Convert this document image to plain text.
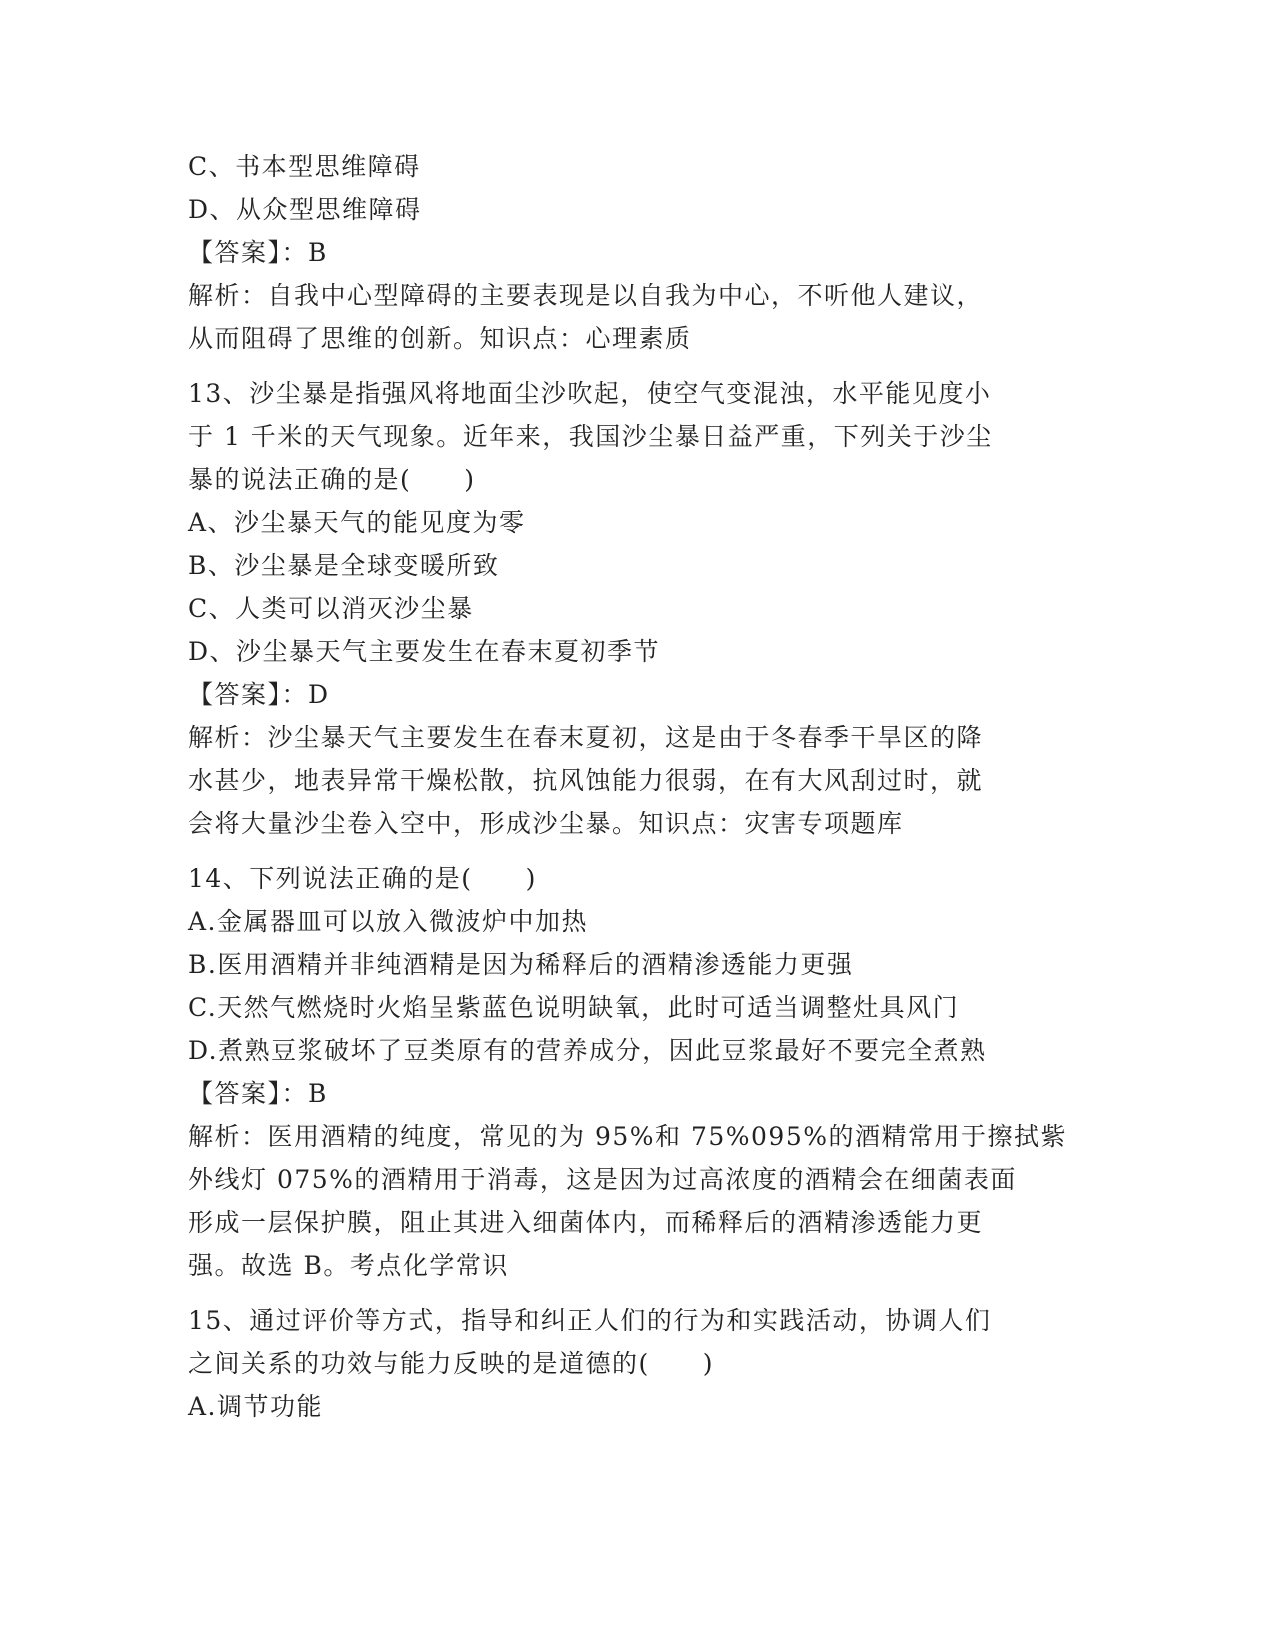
C、书本型思维障碍
D、从众型思维障碍
【答案】：B
解析：自我中心型障碍的主要表现是以自我为中心，不听他人建议，
从而阻碍了思维的创新。知识点：心理素质
13、沙尘暴是指强风将地面尘沙吹起，使空气变混浊，水平能见度小
于 1 千米的天气现象。近年来，我国沙尘暴日益严重，下列关于沙尘
暴的说法正确的是(　　)
A、沙尘暴天气的能见度为零
B、沙尘暴是全球变暖所致
C、人类可以消灭沙尘暴
D、沙尘暴天气主要发生在春末夏初季节
【答案】：D
解析：沙尘暴天气主要发生在春末夏初，这是由于冬春季干旱区的降
水甚少，地表异常干燥松散，抗风蚀能力很弱，在有大风刮过时，就
会将大量沙尘卷入空中，形成沙尘暴。知识点：灾害专项题库
14、下列说法正确的是(　　)
A.金属器皿可以放入微波炉中加热
B.医用酒精并非纯酒精是因为稀释后的酒精渗透能力更强
C.天然气燃烧时火焰呈紫蓝色说明缺氧，此时可适当调整灶具风门
D.煮熟豆浆破坏了豆类原有的营养成分，因此豆浆最好不要完全煮熟
【答案】：B
解析：医用酒精的纯度，常见的为 95%和 75%095%的酒精常用于擦拭紫
外线灯 075%的酒精用于消毒，这是因为过高浓度的酒精会在细菌表面
形成一层保护膜，阻止其进入细菌体内，而稀释后的酒精渗透能力更
强。故选 B。考点化学常识
15、通过评价等方式，指导和纠正人们的行为和实践活动，协调人们
之间关系的功效与能力反映的是道德的(　　)
A.调节功能
